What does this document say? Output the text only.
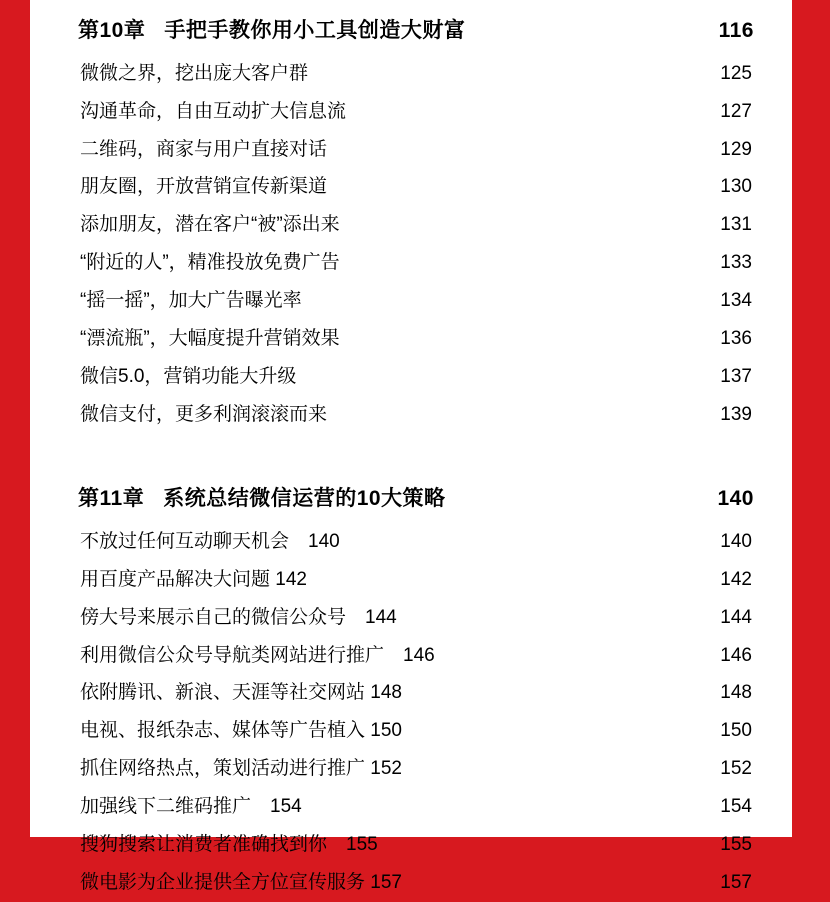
第10章   手把手教你用小工具创造大财富	116
微微之界，挖出庞大客户群	125
沟通革命，自由互动扩大信息流	127
二维码，商家与用户直接对话	129
朋友圈，开放营销宣传新渠道	130
添加朋友，潜在客户“被”添出来	131
“附近的人”，精准投放免费广告	133
“摇一摇”，加大广告曝光率	134
“漂流瓶”，大幅度提升营销效果	136
微信5.0，营销功能大升级	137
微信支付，更多利润滚滚而来	139
第11章   系统总结微信运营的10大策略	140
不放过任何互动聊天机会　140	140
用百度产品解决大问题 142	142
傍大号来展示自己的微信公众号　144	144
利用微信公众号导航类网站进行推广　146	146
依附腾讯、新浪、天涯等社交网站 148	148
电视、报纸杂志、媒体等广告植入 150	150
抓住网络热点，策划活动进行推广 152	152
加强线下二维码推广　154	154
搜狗搜索让消费者准确找到你　155	155
微电影为企业提供全方位宣传服务 157	157
